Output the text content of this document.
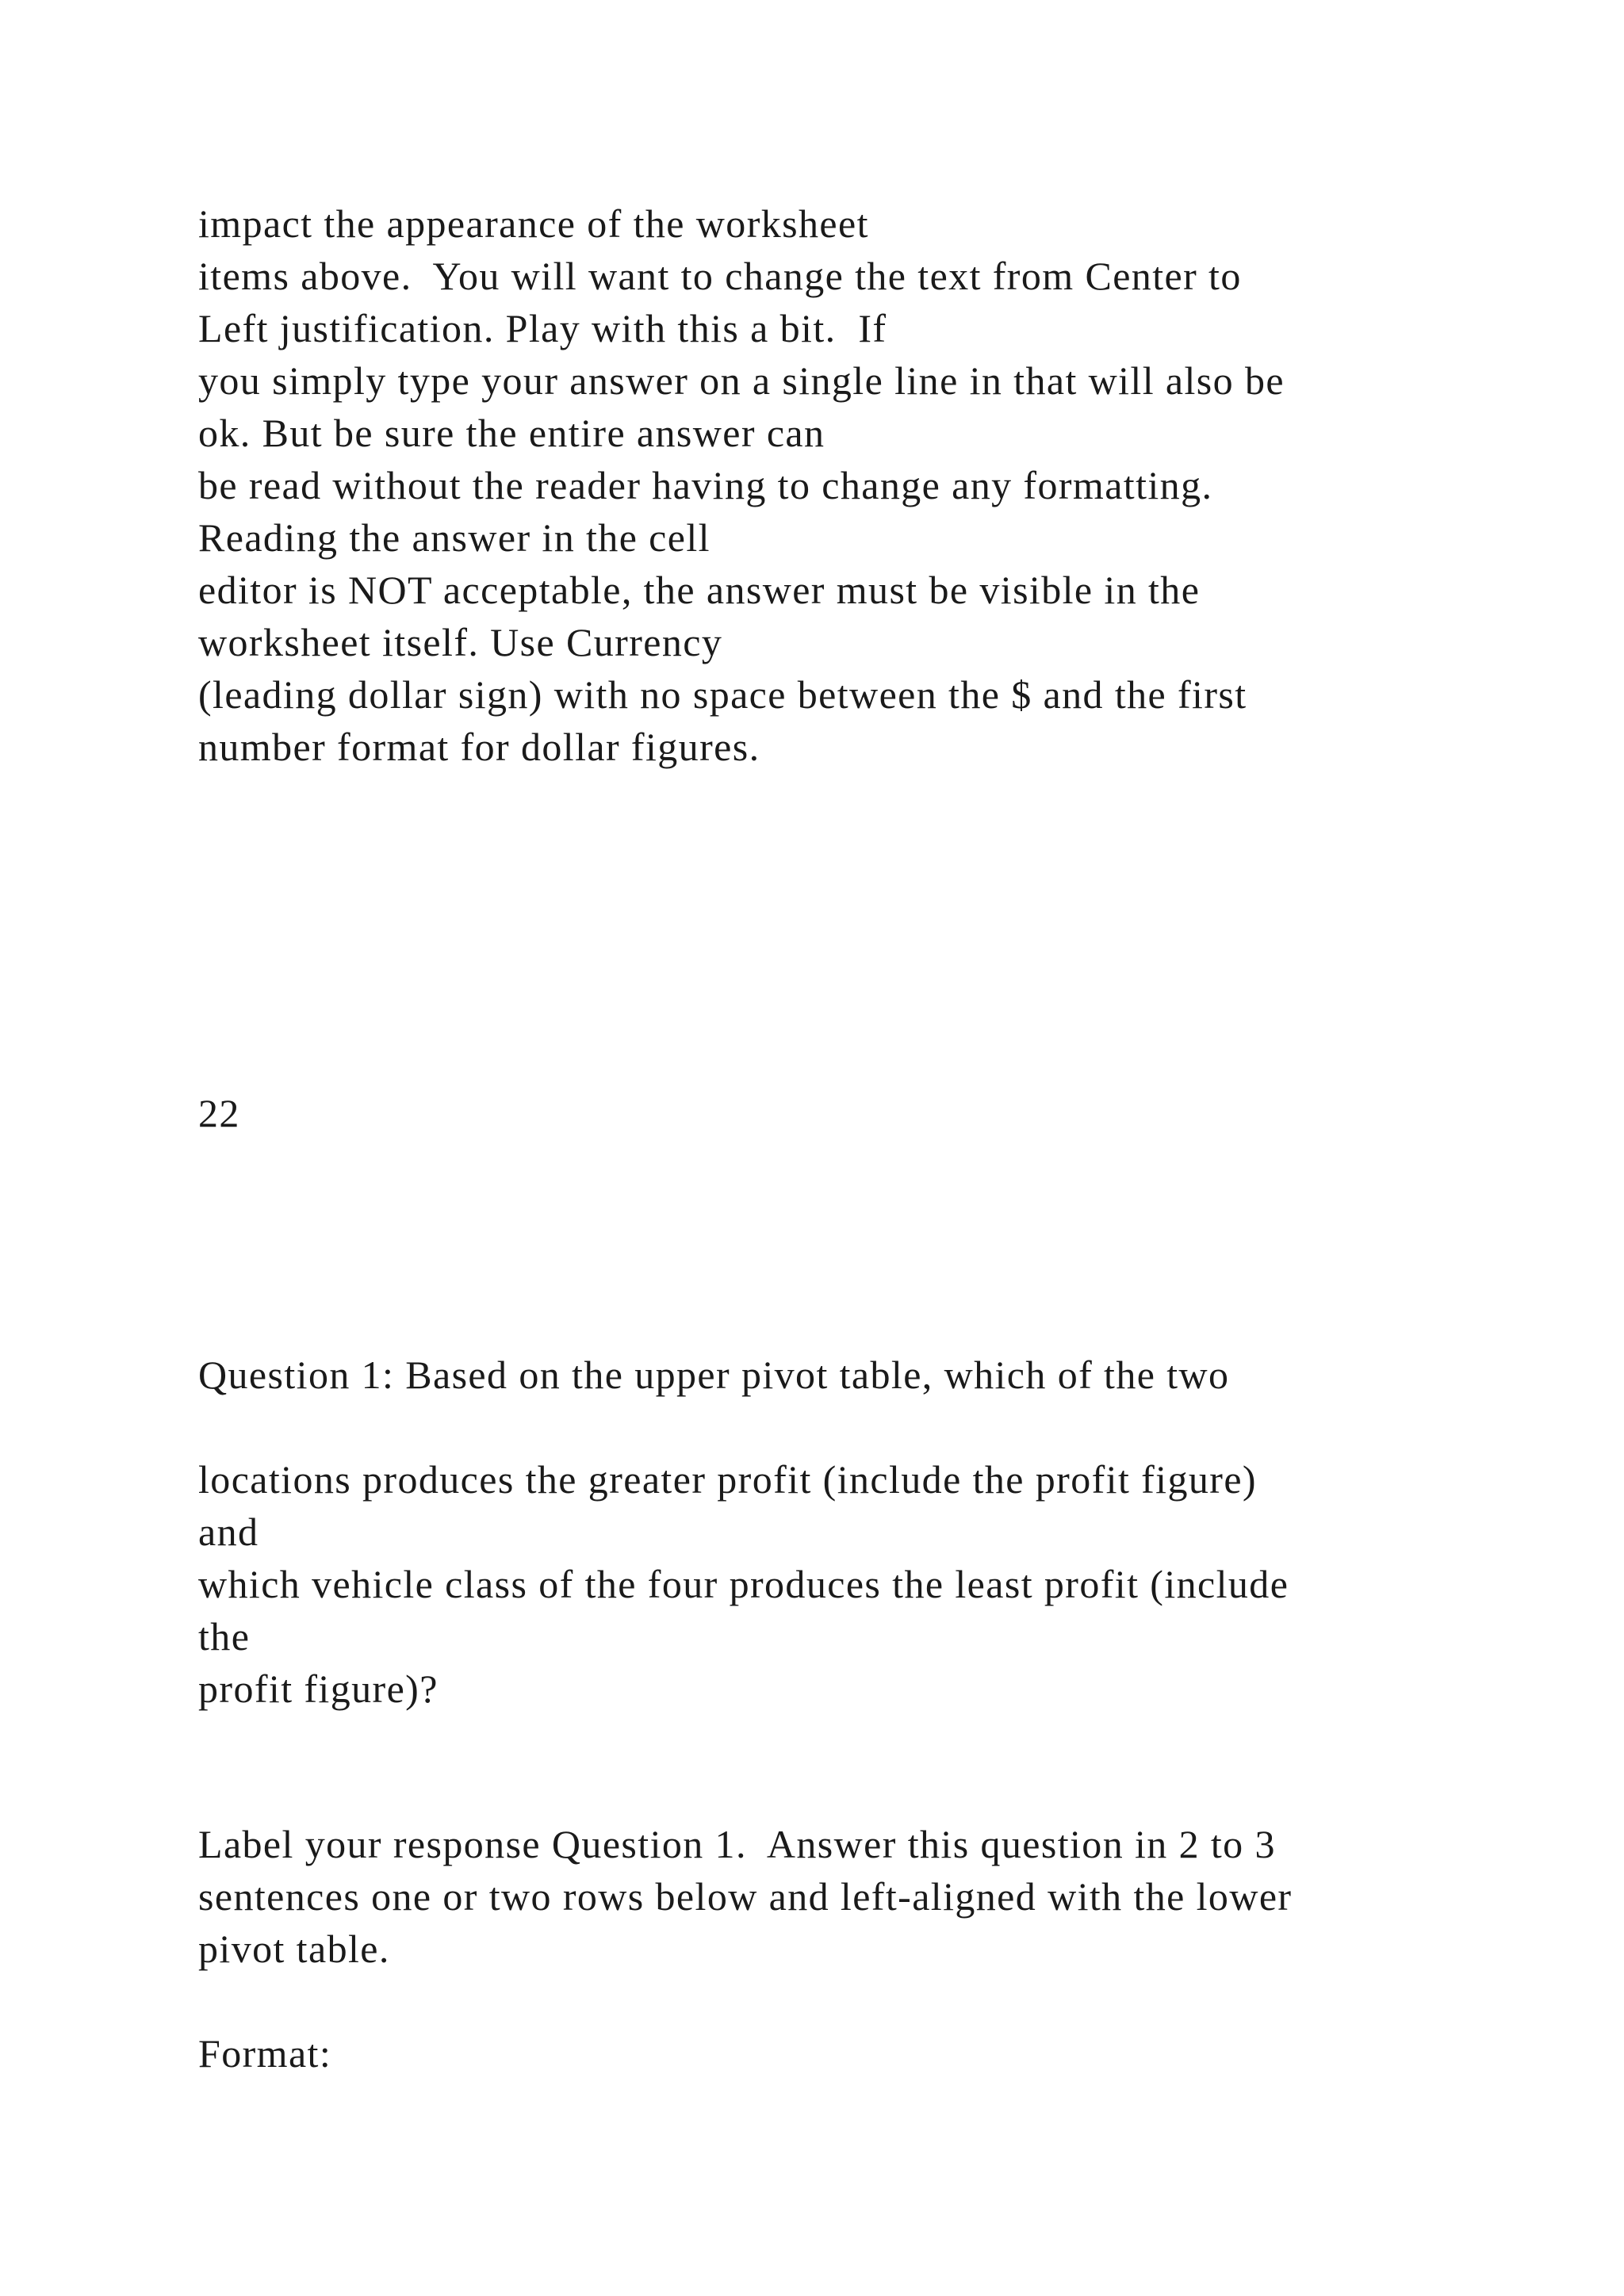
impact the appearance of the worksheet
items above.  You will want to change the text from Center to
Left justification. Play with this a bit.  If
you simply type your answer on a single line in that will also be
ok. But be sure the entire answer can
be read without the reader having to change any formatting.
Reading the answer in the cell
editor is NOT acceptable, the answer must be visible in the
worksheet itself. Use Currency
(leading dollar sign) with no space between the $ and the first
number format for dollar figures.
22
Question 1: Based on the upper pivot table, which of the two
locations produces the greater profit (include the profit figure)
and
which vehicle class of the four produces the least profit (include
the
profit figure)?
Label your response Question 1.  Answer this question in 2 to 3
sentences one or two rows below and left-aligned with the lower
pivot table.
Format:
